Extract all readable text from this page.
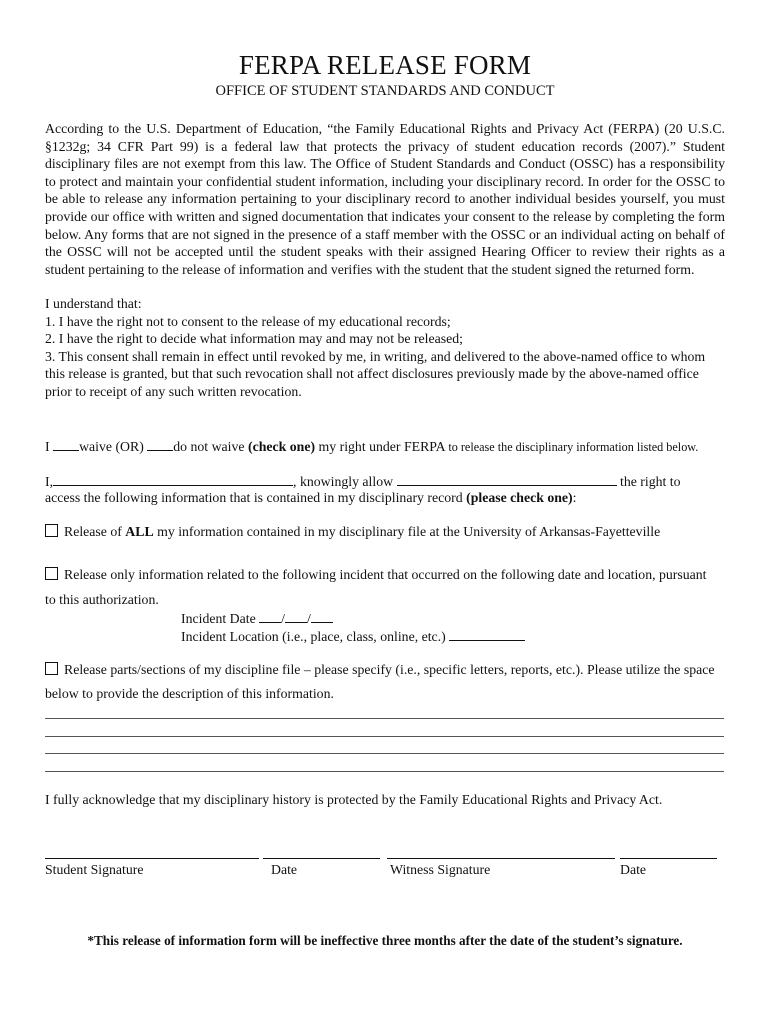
FERPA RELEASE FORM
OFFICE OF STUDENT STANDARDS AND CONDUCT
According to the U.S. Department of Education, “the Family Educational Rights and Privacy Act (FERPA) (20 U.S.C. §1232g; 34 CFR Part 99) is a federal law that protects the privacy of student education records (2007).” Student disciplinary files are not exempt from this law. The Office of Student Standards and Conduct (OSSC) has a responsibility to protect and maintain your confidential student information, including your disciplinary record. In order for the OSSC to be able to release any information pertaining to your disciplinary record to another individual besides yourself, you must provide our office with written and signed documentation that indicates your consent to the release by completing the form below. Any forms that are not signed in the presence of a staff member with the OSSC or an individual acting on behalf of the OSSC will not be accepted until the student speaks with their assigned Hearing Officer to review their rights as a student pertaining to the release of information and verifies with the student that the student signed the returned form.
I understand that:
1. I have the right not to consent to the release of my educational records;
2. I have the right to decide what information may and may not be released;
3. This consent shall remain in effect until revoked by me, in writing, and delivered to the above-named office to whom this release is granted, but that such revocation shall not affect disclosures previously made by the above-named office prior to receipt of any such written revocation.
I waive (OR) do not waive (check one) my right under FERPA to release the disciplinary information listed below.
I,	, knowingly allow	the right to
access the following information that is contained in my disciplinary record (please check one):
Release of ALL my information contained in my disciplinary file at the University of Arkansas-Fayetteville
Release only information related to the following incident that occurred on the following date and location, pursuant
to this authorization.
Incident Date / /
Incident Location (i.e., place, class, online, etc.)
Release parts/sections of my discipline file – please specify (i.e., specific letters, reports, etc.). Please utilize the space
below to provide the description of this information.
I fully acknowledge that my disciplinary history is protected by the Family Educational Rights and Privacy Act.
Student Signature	Date	Witness Signature	Date
*This release of information form will be ineffective three months after the date of the student’s signature.
